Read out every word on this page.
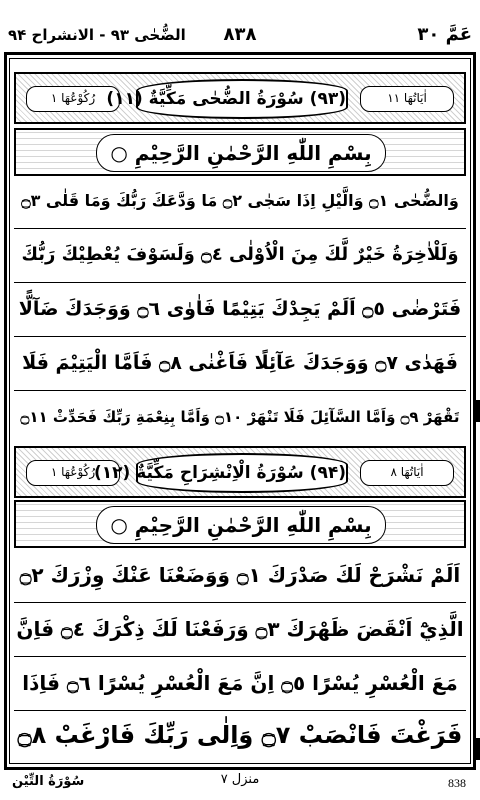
الضُّحٰی ۹۳ - الانشراح ۹۴	۸۳۸	عَمَّ ۳۰
رُكُوْعُهَا ۱ (۹۳) سُوْرَةُ الضُّحٰی مَكِّيَّةٌ (۱۱)	اٰيَاتُهَا ۱۱
بِسْمِ اللّٰهِ الرَّحْمٰنِ الرَّحِيْمِ ○
وَالضُّحٰى ۝١ وَالَّيْلِ اِذَا سَجٰى ۝٢ مَا وَدَّعَكَ رَبُّكَ وَمَا قَلٰى ۝٣
وَلَلْاٰخِرَةُ خَيْرٌ لَّكَ مِنَ الْاُوْلٰى ۝٤ وَلَسَوْفَ يُعْطِيْكَ رَبُّكَ
فَتَرْضٰى ۝٥ اَلَمْ يَجِدْكَ يَتِيْمًا فَاٰوٰى ۝٦ وَوَجَدَكَ ضَآلًّا
فَهَدٰى ۝٧ وَوَجَدَكَ عَآئِلًا فَاَغْنٰى ۝٨ فَاَمَّا الْيَتِيْمَ فَلَا
تَقْهَرْ ۝٩ وَاَمَّا السَّآئِلَ فَلَا تَنْهَرْ ۝١٠ وَاَمَّا بِنِعْمَةِ رَبِّكَ فَحَدِّثْ ۝١١
رُكُوْعُهَا ۱
(۹۴) سُوْرَةُ الْاِنْشِرَاحِ مَكِّيَّةٌ (۱۲)	اٰيَاتُهَا ۸
بِسْمِ اللّٰهِ الرَّحْمٰنِ الرَّحِيْمِ ○
اَلَمْ نَشْرَحْ لَكَ صَدْرَكَ ۝١ وَوَضَعْنَا عَنْكَ وِزْرَكَ ۝٢
الَّذِيْٓ اَنْقَضَ ظَهْرَكَ ۝٣ وَرَفَعْنَا لَكَ ذِكْرَكَ ۝٤ فَاِنَّ
مَعَ الْعُسْرِ يُسْرًا ۝٥ اِنَّ مَعَ الْعُسْرِ يُسْرًا ۝٦ فَاِذَا
فَرَغْتَ فَانْصَبْ ۝٧ وَاِلٰى رَبِّكَ فَارْغَبْ ۝٨
سُوْرَةُ التِّيْن	منزل ۷	838
